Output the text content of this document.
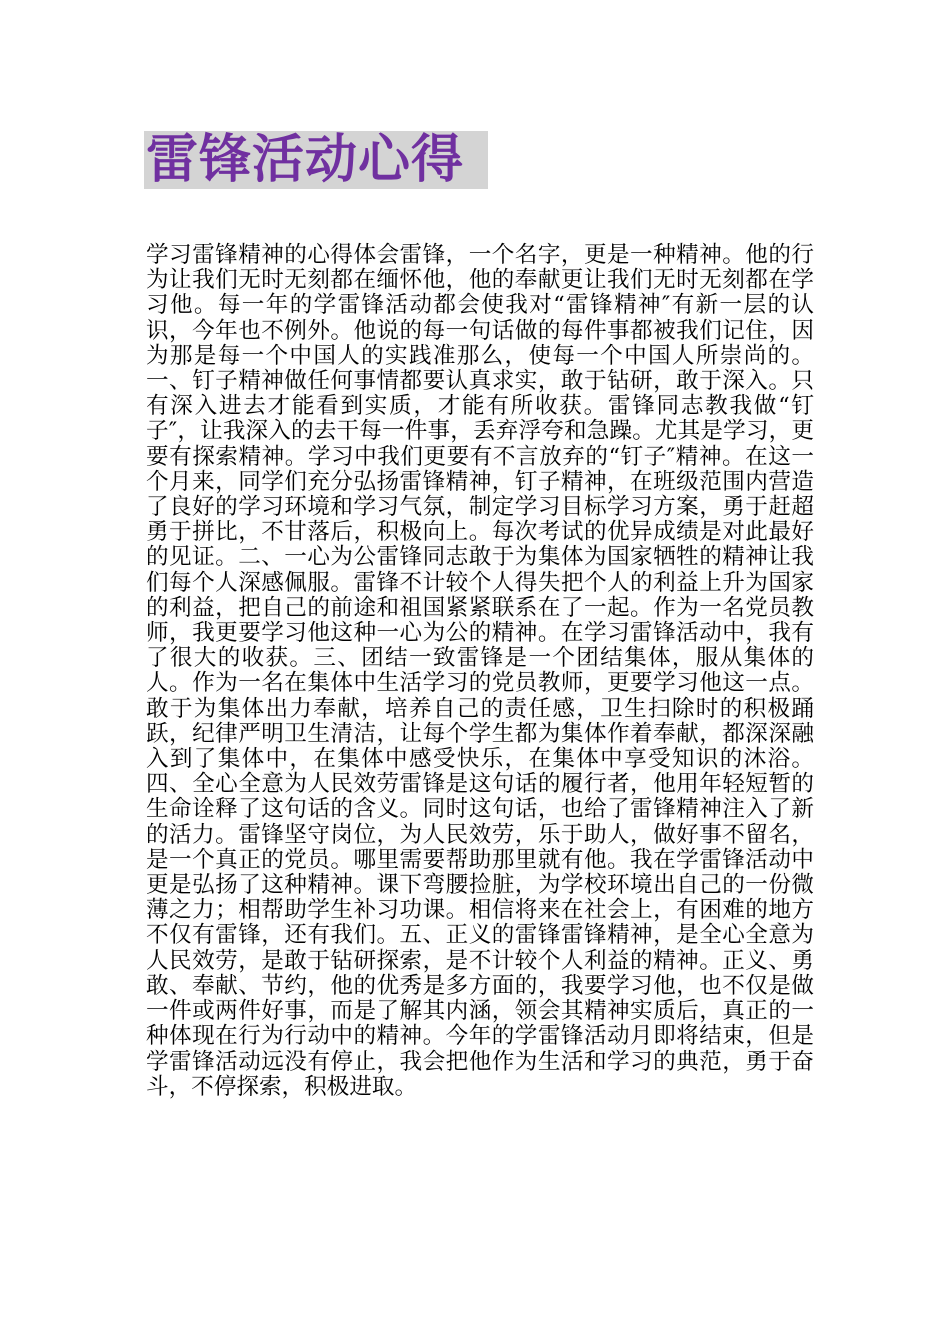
雷锋活动心得

学习雷锋精神的心得体会雷锋，一个名字，更是一种精神。他的行为让我们无时无刻都在缅怀他，他的奉献更让我们无时无刻都在学习他。每一年的学雷锋活动都会使我对“雷锋精神″有新一层的认识，今年也不例外。他说的每一句话做的每件事都被我们记住，因为那是每一个中国人的实践准那么，使每一个中国人所崇尚的。一、钉子精神做任何事情都要认真求实，敢于钻研，敢于深入。只有深入进去才能看到实质，才能有所收获。雷锋同志教我做“钉子″，让我深入的去干每一件事，丢弃浮夸和急躁。尤其是学习，更要有探索精神。学习中我们更要有不言放弃的“钉子″精神。在这一个月来，同学们充分弘扬雷锋精神，钉子精神，在班级范围内营造了良好的学习环境和学习气氛，制定学习目标学习方案，勇于赶超勇于拼比，不甘落后，积极向上。每次考试的优异成绩是对此最好的见证。二、一心为公雷锋同志敢于为集体为国家牺牲的精神让我们每个人深感佩服。雷锋不计较个人得失把个人的利益上升为国家的利益，把自己的前途和祖国紧紧联系在了一起。作为一名党员教师，我更要学习他这种一心为公的精神。在学习雷锋活动中，我有了很大的收获。三、团结一致雷锋是一个团结集体，服从集体的人。作为一名在集体中生活学习的党员教师，更要学习他这一点。敢于为集体出力奉献，培养自己的责任感，卫生扫除时的积极踊跃，纪律严明卫生清洁，让每个学生都为集体作着奉献，都深深融入到了集体中，在集体中感受快乐，在集体中享受知识的沐浴。四、全心全意为人民效劳雷锋是这句话的履行者，他用年轻短暂的生命诠释了这句话的含义。同时这句话，也给了雷锋精神注入了新的活力。雷锋坚守岗位，为人民效劳，乐于助人，做好事不留名，是一个真正的党员。哪里需要帮助那里就有他。我在学雷锋活动中更是弘扬了这种精神。课下弯腰捡脏，为学校环境出自己的一份微薄之力；相帮助学生补习功课。相信将来在社会上，有困难的地方不仅有雷锋，还有我们。五、正义的雷锋雷锋精神，是全心全意为人民效劳，是敢于钻研探索，是不计较个人利益的精神。正义、勇敢、奉献、节约，他的优秀是多方面的，我要学习他，也不仅是做一件或两件好事，而是了解其内涵，领会其精神实质后，真正的一种体现在行为行动中的精神。今年的学雷锋活动月即将结束，但是学雷锋活动远没有停止，我会把他作为生活和学习的典范，勇于奋斗，不停探索，积极进取。
